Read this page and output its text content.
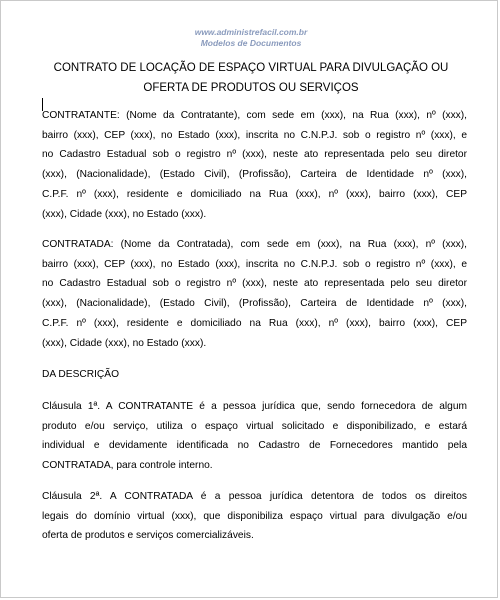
www.administrefacil.com.br
Modelos de Documentos
CONTRATO DE LOCAÇÃO DE ESPAÇO VIRTUAL PARA DIVULGAÇÃO OU
OFERTA DE PRODUTOS OU SERVIÇOS
CONTRATANTE: (Nome da Contratante), com sede em (xxx), na Rua (xxx), nº (xxx),
bairro (xxx), CEP (xxx), no Estado (xxx), inscrita no C.N.P.J. sob o registro nº (xxx), e
no Cadastro Estadual sob o registro nº (xxx), neste ato representada pelo seu diretor
(xxx), (Nacionalidade), (Estado Civil), (Profissão), Carteira de Identidade nº (xxx),
C.P.F. nº (xxx), residente e domiciliado na Rua (xxx), nº (xxx), bairro (xxx), CEP
(xxx), Cidade (xxx), no Estado (xxx).
CONTRATADA: (Nome da Contratada), com sede em (xxx), na Rua (xxx), nº (xxx),
bairro (xxx), CEP (xxx), no Estado (xxx), inscrita no C.N.P.J. sob o registro nº (xxx), e
no Cadastro Estadual sob o registro nº (xxx), neste ato representada pelo seu diretor
(xxx), (Nacionalidade), (Estado Civil), (Profissão), Carteira de Identidade nº (xxx),
C.P.F. nº (xxx), residente e domiciliado na Rua (xxx), nº (xxx), bairro (xxx), CEP
(xxx), Cidade (xxx), no Estado (xxx).
DA DESCRIÇÃO
Cláusula 1ª. A CONTRATANTE é a pessoa jurídica que, sendo fornecedora de algum
produto e/ou serviço, utiliza o espaço virtual solicitado e disponibilizado, e estará
individual e devidamente identificada no Cadastro de Fornecedores mantido pela
CONTRATADA, para controle interno.
Cláusula 2ª. A CONTRATADA é a pessoa jurídica detentora de todos os direitos
legais do domínio virtual (xxx), que disponibiliza espaço virtual para divulgação e/ou
oferta de produtos e serviços comercializáveis.
